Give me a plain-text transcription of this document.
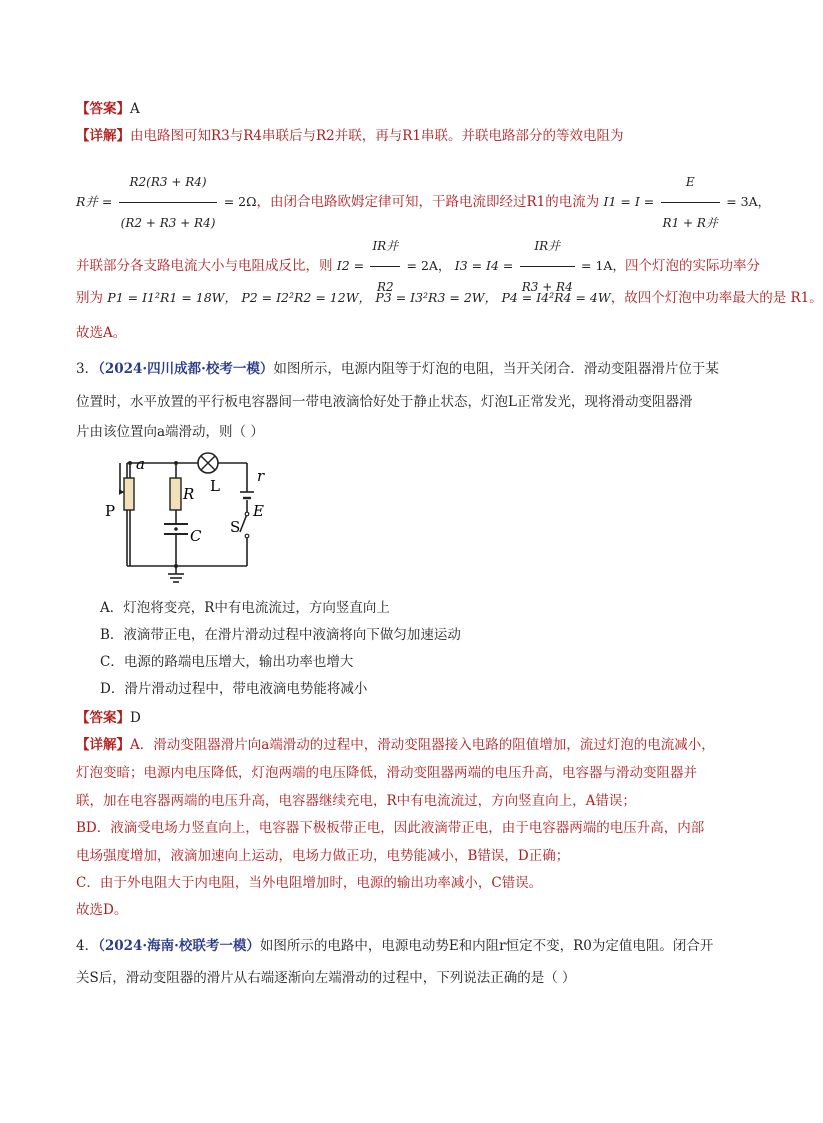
【答案】A
【详解】由电路图可知R3与R4串联后与R2并联，再与R1串联。并联电路部分的等效电阻为
R并 = $\frac{R2(R3 + R4)}{(R2 + R3 + R4)} = 2\Omega$，由闭合电路欧姆定律可知，干路电流即经过R1的电流为 $I1 = I = \frac{E}{\text{R1 + R并}} = 3A$，
并联部分各支路电流大小与电阻成反比，则 $I2 = \frac{\text{IR并}}{R2} = 2A$， $I3 = I4 = \frac{\text{IR并}}{R3 + R4} = 1A$，四个灯泡的实际功率分
别为 P1 = I1²R1 = 18W， P2 = I2²R2 = 12W， P3 = I3²R3 = 2W， P4 = I4²R4 = 4W，故四个灯泡中功率最大的是 R1。
故选A。
3．（2024·四川成都·校考一模）如图所示，电源内阻等于灯泡的电阻，当开关闭合．滑动变阻器滑片位于某
位置时，水平放置的平行板电容器间一带电液滴恰好处于静止状态，灯泡L正常发光，现将滑动变阻器滑
片由该位置向a端滑动，则（ ）
a
R L
r
P
S
E
C
A．灯泡将变亮，R中有电流流过，方向竖直向上
B．液滴带正电，在滑片滑动过程中液滴将向下做匀加速运动
C．电源的路端电压增大，输出功率也增大
D．滑片滑动过程中，带电液滴电势能将减小
【答案】D
【详解】A．滑动变阻器滑片向a端滑动的过程中，滑动变阻器接入电路的阻值增加，流过灯泡的电流减小，
灯泡变暗；电源内电压降低，灯泡两端的电压降低，滑动变阻器两端的电压升高，电容器与滑动变阻器并
联，加在电容器两端的电压升高，电容器继续充电，R中有电流流过，方向竖直向上，A错误；
BD．液滴受电场力竖直向上，电容器下极板带正电，因此液滴带正电，由于电容器两端的电压升高，内部
电场强度增加，液滴加速向上运动，电场力做正功，电势能减小，B错误，D正确；
C．由于外电阻大于内电阻，当外电阻增加时，电源的输出功率减小，C错误。
故选D。
4．（2024·海南·校联考一模）如图所示的电路中，电源电动势E和内阻r恒定不变，R0为定值电阻。闭合开
关S后，滑动变阻器的滑片从右端逐渐向左端滑动的过程中，下列说法正确的是（ ）
